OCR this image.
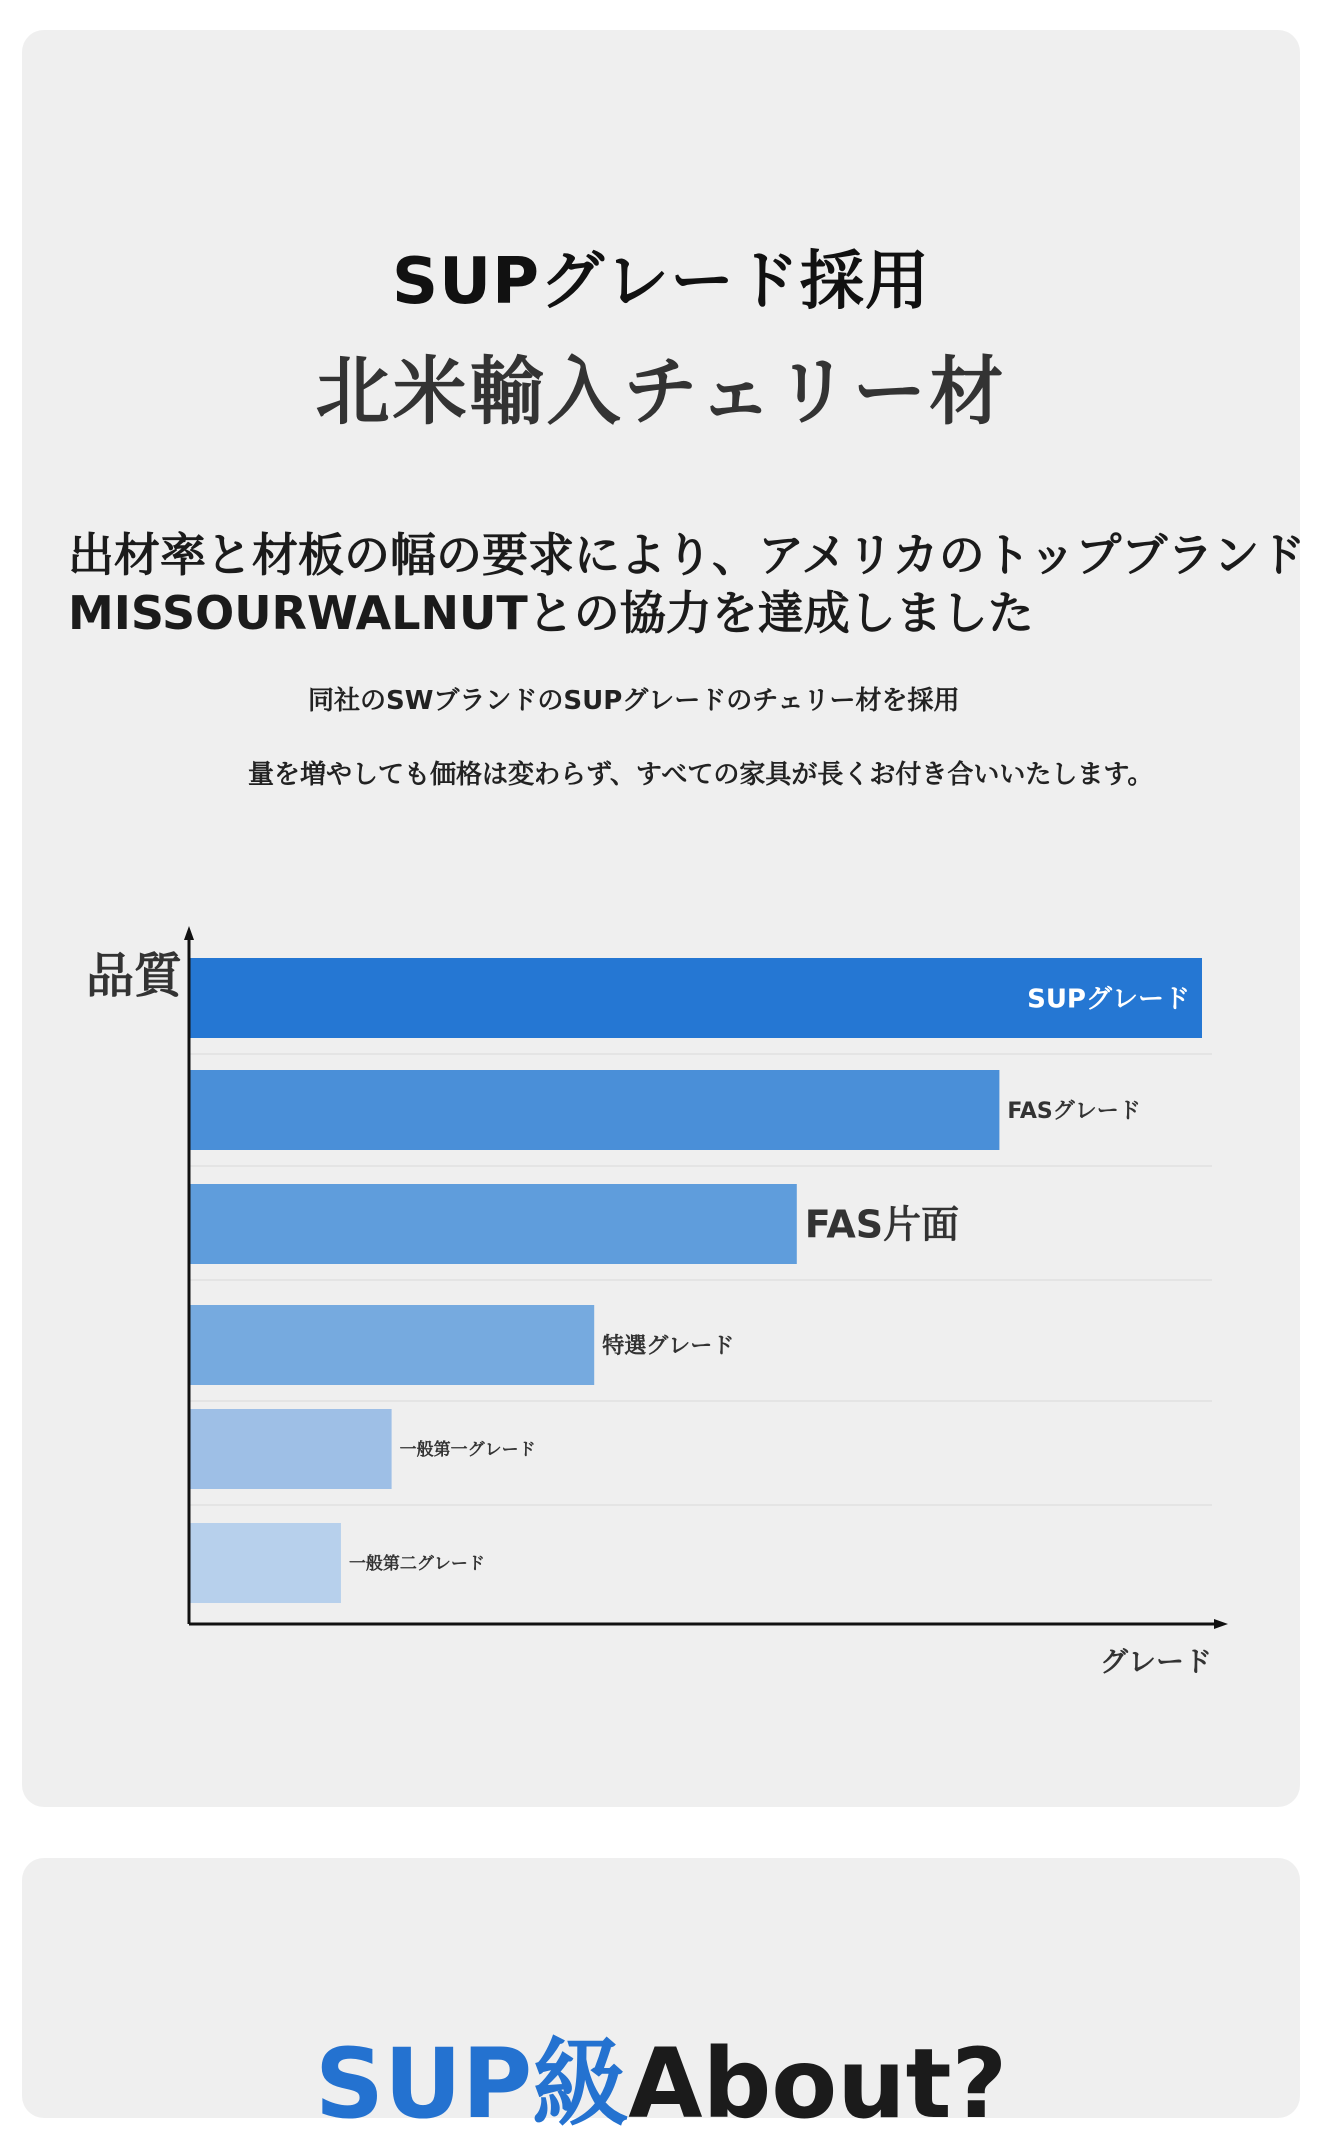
SUPグレード採用
北米輸入チェリー材
出材率と材板の幅の要求により、アメリカのトップブランドMISSOURWALNUTとの協力を達成しました
同社のSWブランドのSUPグレードのチェリー材を採用
量を増やしても価格は変わらず、すべての家具が長くお付き合いいたします。
SUPグレード
FASグレード
FAS片面
特選グレード
一般第一グレード
一般第二グレード
品質
グレード
SUP級About?
